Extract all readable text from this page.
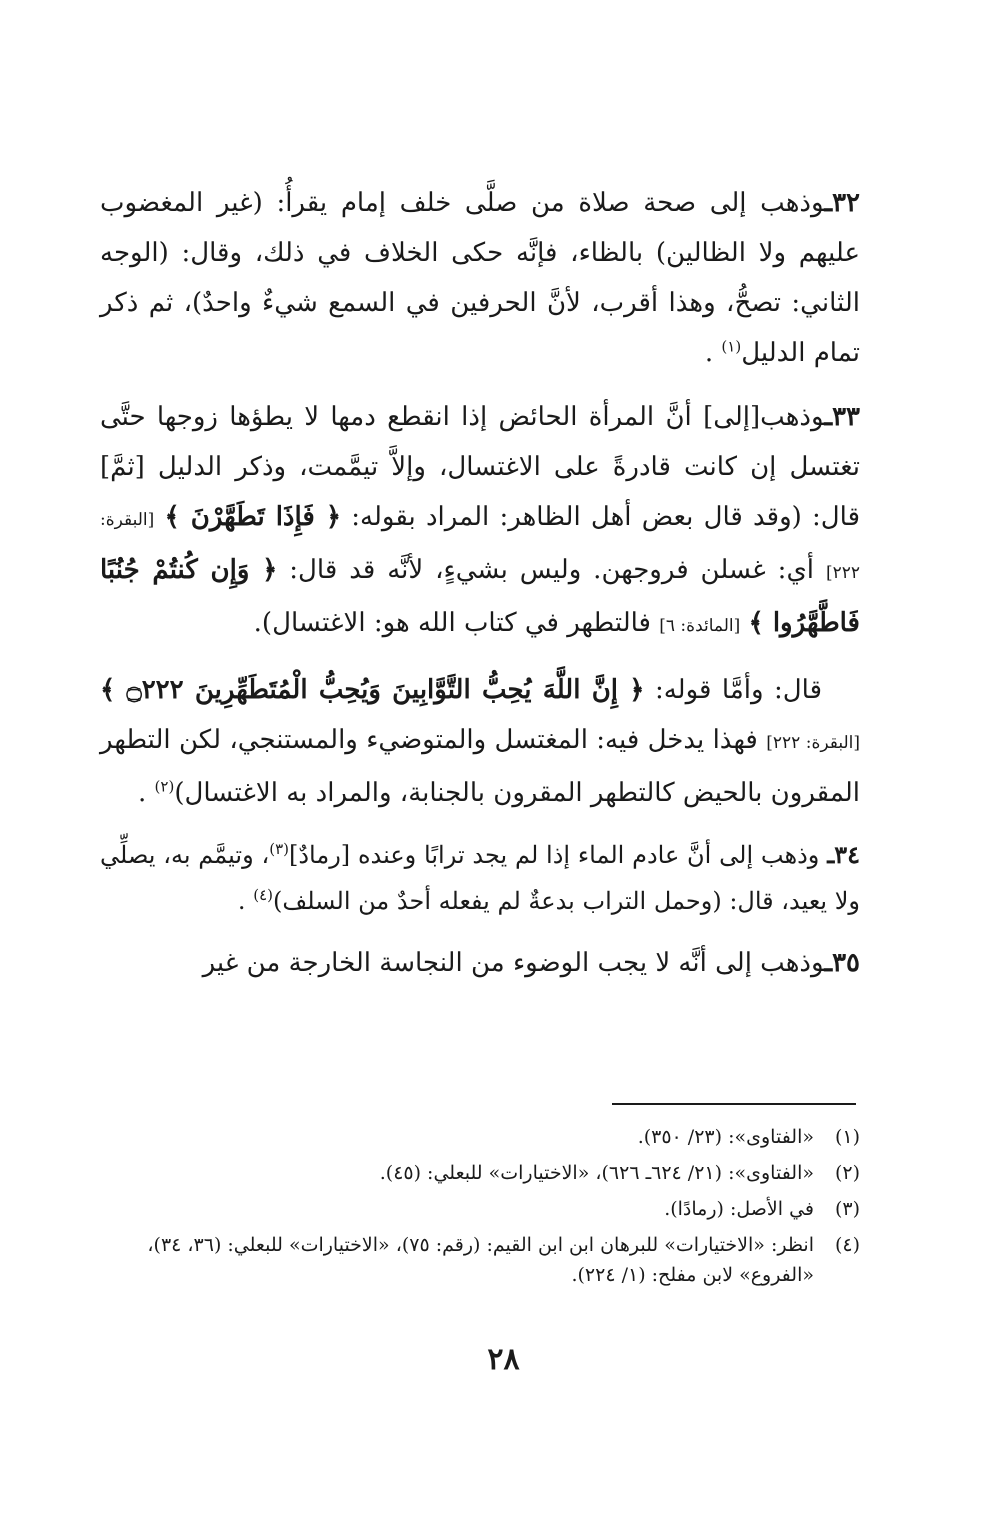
٣٢ـوذهب إلى صحة صلاة من صلَّى خلف إمام يقرأُ: (غير المغضوب عليهم ولا الظالين) بالظاء، فإنَّه حكى الخلاف في ذلك، وقال: (الوجه الثاني: تصحُّ، وهذا أقرب، لأنَّ الحرفين في السمع شيءٌ واحدٌ)، ثم ذكر تمام الدليل$^{(١)}$ .

٣٣ـوذهب[إلى] أنَّ المرأة الحائض إذا انقطع دمها لا يطؤها زوجها حتَّى تغتسل إن كانت قادرةً على الاغتسال، وإلاَّ تيمَّمت، وذكر الدليل [ثمَّ] قال: (وقد قال بعض أهل الظاهر: المراد بقوله: ﴿ فَإِذَا تَطَهَّرْنَ ﴾ [البقرة: ٢٢٢] أي: غسلن فروجهن. وليس بشيءٍ، لأنَّه قد قال: ﴿ وَإِن كُنتُمْ جُنُبًا فَاطَّهَّرُوا ﴾ [المائدة: ٦] فالتطهر في كتاب الله هو: الاغتسال).

قال: وأمَّا قوله: ﴿ إِنَّ اللَّهَ يُحِبُّ التَّوَّابِينَ وَيُحِبُّ الْمُتَطَهِّرِينَ ۝٢٢٢ ﴾ [البقرة: ٢٢٢] فهذا يدخل فيه: المغتسل والمتوضيء والمستنجي، لكن التطهر المقرون بالحيض كالتطهر المقرون بالجنابة، والمراد به الاغتسال)$^{(٢)}$ .

٣٤ـ وذهب إلى أنَّ عادم الماء إذا لم يجد ترابًا وعنده [رمادٌ]$^{(٣)}$، وتيمَّم به، يصلِّي ولا يعيد، قال: (وحمل التراب بدعةٌ لم يفعله أحدٌ من السلف)$^{(٤)}$ .

٣٥ـوذهب إلى أنَّه لا يجب الوضوء من النجاسة الخارجة من غير

(١)
«الفتاوى»: (٢٣/ ٣٥٠).
(٢)
«الفتاوى»: (٢١/ ٦٢٤ـ ٦٢٦)، «الاختيارات» للبعلي: (٤٥).
(٣)
في الأصل: (رمادًا).
(٤)
انظر: «الاختيارات» للبرهان ابن ابن القيم: (رقم: ٧٥)، «الاختيارات» للبعلي: (٣٦، ٣٤)، «الفروع» لابن مفلح: (١/ ٢٢٤).
٢٨
